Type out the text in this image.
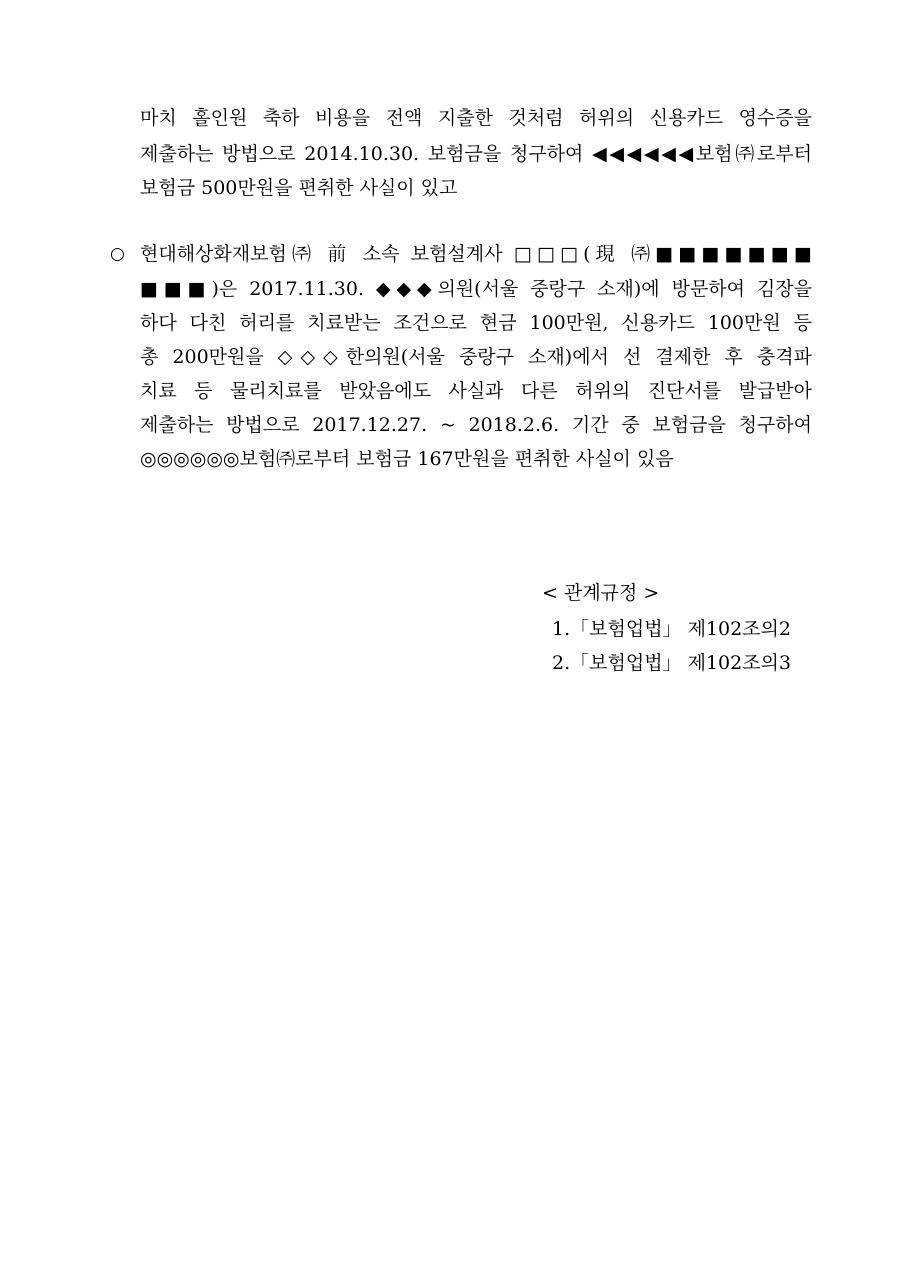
마치 홀인원 축하 비용을 전액 지출한 것처럼 허위의 신용카드 영수증을
제출하는 방법으로 2014.10.30. 보험금을 청구하여 ◀◀◀◀◀◀보험㈜로부터
보험금 500만원을 편취한 사실이 있고
○ 현대해상화재보험㈜ 前 소속 보험설계사 □□□(現 ㈜■■■■■■■
■■■)은 2017.11.30. ◆◆◆의원(서울 중랑구 소재)에 방문하여 김장을
하다 다친 허리를 치료받는 조건으로 현금 100만원, 신용카드 100만원 등
총 200만원을 ◇◇◇한의원(서울 중랑구 소재)에서 선 결제한 후 충격파
치료 등 물리치료를 받았음에도 사실과 다른 허위의 진단서를 발급받아
제출하는 방법으로 2017.12.27. ~ 2018.2.6. 기간 중 보험금을 청구하여
◎◎◎◎◎◎보험㈜로부터 보험금 167만원을 편취한 사실이 있음
< 관계규정 >
1.「보험업법」 제102조의2
2.「보험업법」 제102조의3
